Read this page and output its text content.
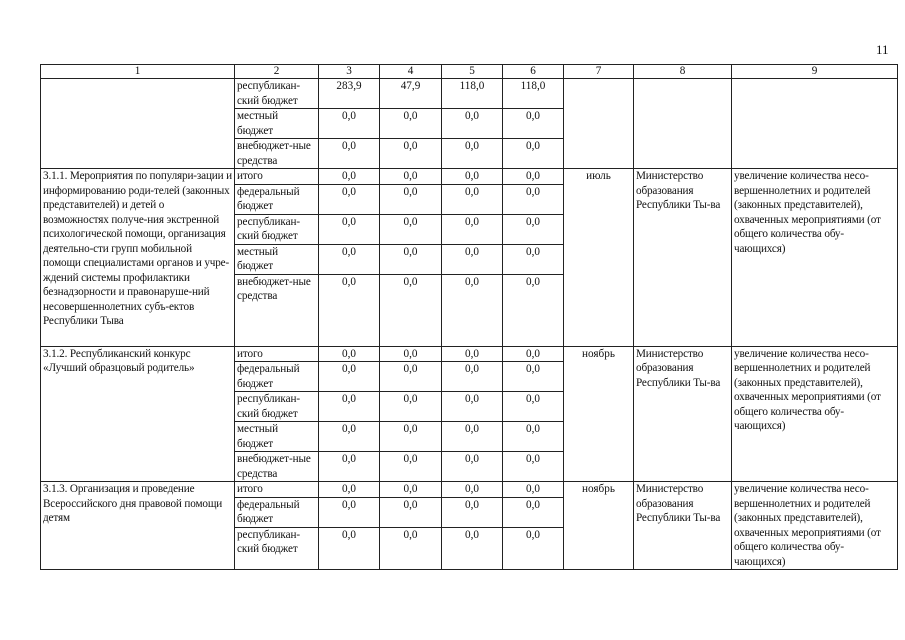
11
1	2	3	4	5	6	7	8	9
	республикан-ский бюджет	283,9	47,9	118,0	118,0			
	местный бюджет	0,0	0,0	0,0	0,0			
	внебюджет-ные средства	0,0	0,0	0,0	0,0			
3.1.1. Мероприятия по популяри-зации и информированию роди-телей (законных представителей) и детей о возможностях получе-ния экстренной психологической помощи, организация деятельно-сти групп мобильной помощи специалистами органов и учре-ждений системы профилактики безнадзорности и правонаруше-ний несовершеннолетних субъ-ектов Республики Тыва	итого	0,0	0,0	0,0	0,0	июль	Министерство образования Республики Ты-ва	увеличение количества несо-вершеннолетних и родителей (законных представителей), охваченных мероприятиями (от общего количества обу-чающихся)
	федеральный бюджет	0,0	0,0	0,0	0,0			
	республикан-ский бюджет	0,0	0,0	0,0	0,0			
	местный бюджет	0,0	0,0	0,0	0,0			
	внебюджет-ные средства	0,0	0,0	0,0	0,0			
3.1.2. Республиканский конкурс «Лучший образцовый родитель»	итого	0,0	0,0	0,0	0,0	ноябрь	Министерство образования Республики Ты-ва	увеличение количества несо-вершеннолетних и родителей (законных представителей), охваченных мероприятиями (от общего количества обу-чающихся)
	федеральный бюджет	0,0	0,0	0,0	0,0			
	республикан-ский бюджет	0,0	0,0	0,0	0,0			
	местный бюджет	0,0	0,0	0,0	0,0			
	внебюджет-ные средства	0,0	0,0	0,0	0,0			
3.1.3. Организация и проведение Всероссийского дня правовой помощи детям	итого	0,0	0,0	0,0	0,0	ноябрь	Министерство образования Республики Ты-ва	увеличение количества несо-вершеннолетних и родителей (законных представителей), охваченных мероприятиями (от общего количества обу-чающихся)
	федеральный бюджет	0,0	0,0	0,0	0,0			
	республикан-ский бюджет	0,0	0,0	0,0	0,0			
